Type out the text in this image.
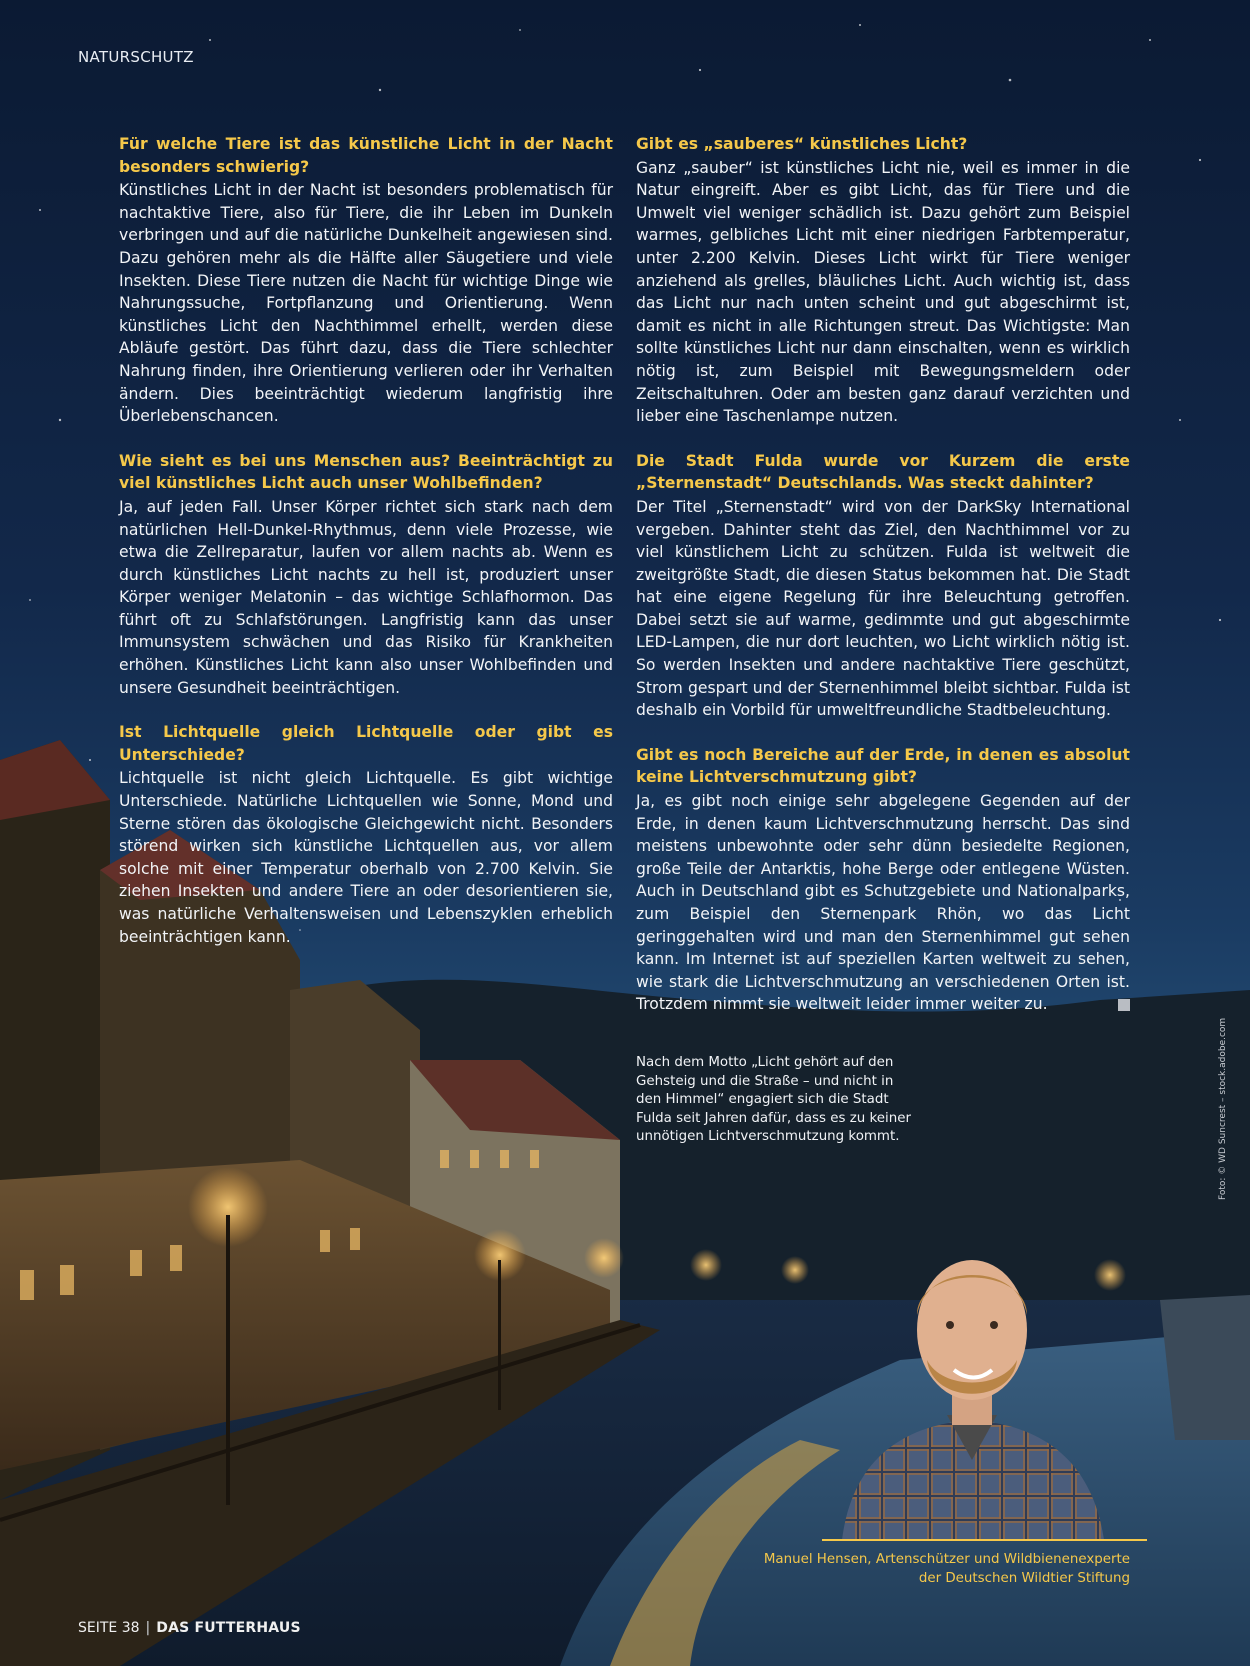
NATURSCHUTZ

Für welche Tiere ist das künstliche Licht in der Nacht besonders schwierig?

Künstliches Licht in der Nacht ist besonders problematisch für nachtaktive Tiere, also für Tiere, die ihr Leben im Dunkeln verbringen und auf die natürliche Dunkelheit angewiesen sind. Dazu gehören mehr als die Hälfte aller Säugetiere und viele Insekten. Diese Tiere nutzen die Nacht für wichtige Dinge wie Nahrungssuche, Fortpflanzung und Orientierung. Wenn künstliches Licht den Nachthimmel erhellt, werden diese Abläufe gestört. Das führt dazu, dass die Tiere schlechter Nahrung finden, ihre Orientierung verlieren oder ihr Verhalten ändern. Dies beeinträchtigt wiederum langfristig ihre Überlebenschancen.

Wie sieht es bei uns Menschen aus? Beeinträchtigt zu viel künstliches Licht auch unser Wohlbefinden?

Ja, auf jeden Fall. Unser Körper richtet sich stark nach dem natürlichen Hell-Dunkel-Rhythmus, denn viele Prozesse, wie etwa die Zellreparatur, laufen vor allem nachts ab. Wenn es durch künstliches Licht nachts zu hell ist, produziert unser Körper weniger Melatonin – das wichtige Schlafhormon. Das führt oft zu Schlafstörungen. Langfristig kann das unser Immunsystem schwächen und das Risiko für Krankheiten erhöhen. Künstliches Licht kann also unser Wohlbefinden und unsere Gesundheit beeinträchtigen.

Ist Lichtquelle gleich Lichtquelle oder gibt es Unterschiede?

Lichtquelle ist nicht gleich Lichtquelle. Es gibt wichtige Unterschiede. Natürliche Lichtquellen wie Sonne, Mond und Sterne stören das ökologische Gleichgewicht nicht. Besonders störend wirken sich künstliche Lichtquellen aus, vor allem solche mit einer Temperatur oberhalb von 2.700 Kelvin. Sie ziehen Insekten und andere Tiere an oder desorientieren sie, was natürliche Verhaltensweisen und Lebenszyklen erheblich beeinträchtigen kann.

Gibt es „sauberes“ künstliches Licht?

Ganz „sauber“ ist künstliches Licht nie, weil es immer in die Natur eingreift. Aber es gibt Licht, das für Tiere und die Umwelt viel weniger schädlich ist. Dazu gehört zum Beispiel warmes, gelbliches Licht mit einer niedrigen Farbtemperatur, unter 2.200 Kelvin. Dieses Licht wirkt für Tiere weniger anziehend als grelles, bläuliches Licht. Auch wichtig ist, dass das Licht nur nach unten scheint und gut abgeschirmt ist, damit es nicht in alle Richtungen streut. Das Wichtigste: Man sollte künstliches Licht nur dann einschalten, wenn es wirklich nötig ist, zum Beispiel mit Bewegungsmeldern oder Zeitschaltuhren. Oder am besten ganz darauf verzichten und lieber eine Taschenlampe nutzen.

Die Stadt Fulda wurde vor Kurzem die erste „Sternenstadt“ Deutschlands. Was steckt dahinter?

Der Titel „Sternenstadt“ wird von der DarkSky International vergeben. Dahinter steht das Ziel, den Nachthimmel vor zu viel künstlichem Licht zu schützen. Fulda ist weltweit die zweitgrößte Stadt, die diesen Status bekommen hat. Die Stadt hat eine eigene Regelung für ihre Beleuchtung getroffen. Dabei setzt sie auf warme, gedimmte und gut abgeschirmte LED-Lampen, die nur dort leuchten, wo Licht wirklich nötig ist. So werden Insekten und andere nachtaktive Tiere geschützt, Strom gespart und der Sternenhimmel bleibt sichtbar. Fulda ist deshalb ein Vorbild für umweltfreundliche Stadtbeleuchtung.

Gibt es noch Bereiche auf der Erde, in denen es absolut keine Lichtverschmutzung gibt?

Ja, es gibt noch einige sehr abgelegene Gegenden auf der Erde, in denen kaum Lichtverschmutzung herrscht. Das sind meistens unbewohnte oder sehr dünn besiedelte Regionen, große Teile der Antarktis, hohe Berge oder entlegene Wüsten. Auch in Deutschland gibt es Schutzgebiete und Nationalparks, zum Beispiel den Sternenpark Rhön, wo das Licht geringgehalten wird und man den Sternenhimmel gut sehen kann. Im Internet ist auf speziellen Karten weltweit zu sehen, wie stark die Lichtverschmutzung an verschiedenen Orten ist. Trotzdem nimmt sie weltweit leider immer weiter zu.

Nach dem Motto „Licht gehört auf den Gehsteig und die Straße – und nicht in den Himmel“ engagiert sich die Stadt Fulda seit Jahren dafür, dass es zu keiner unnötigen Lichtverschmutzung kommt.	Foto: © WD Suncrest – stock.adobe.com
Manuel Hensen, Artenschützer und Wildbienenexperte
der Deutschen Wildtier Stiftung
SEITE 38 | DAS FUTTERHAUS
